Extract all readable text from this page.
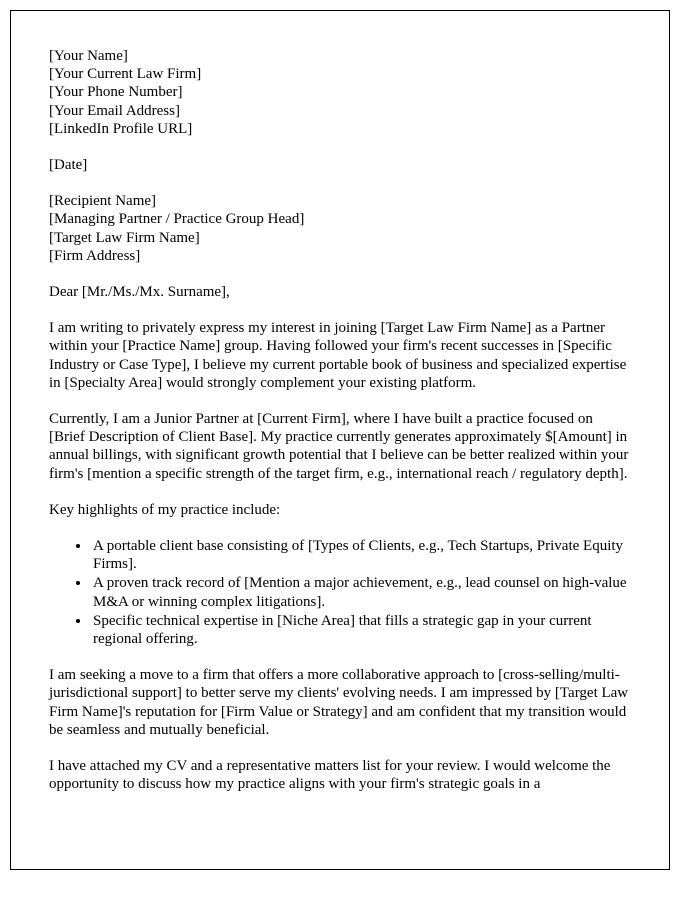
[Your Name]
[Your Current Law Firm]
[Your Phone Number]
[Your Email Address]
[LinkedIn Profile URL]
[Date]
[Recipient Name]
[Managing Partner / Practice Group Head]
[Target Law Firm Name]
[Firm Address]

Dear [Mr./Ms./Mx. Surname],

I am writing to privately express my interest in joining [Target Law Firm Name] as a Partner within your [Practice Name] group. Having followed your firm's recent successes in [Specific Industry or Case Type], I believe my current portable book of business and specialized expertise in [Specialty Area] would strongly complement your existing platform.

Currently, I am a Junior Partner at [Current Firm], where I have built a practice focused on [Brief Description of Client Base]. My practice currently generates approximately $[Amount] in annual billings, with significant growth potential that I believe can be better realized within your firm's [mention a specific strength of the target firm, e.g., international reach / regulatory depth].

Key highlights of my practice include:

• A portable client base consisting of [Types of Clients, e.g., Tech Startups, Private Equity Firms].
• A proven track record of [Mention a major achievement, e.g., lead counsel on high-value M&A or winning complex litigations].
• Specific technical expertise in [Niche Area] that fills a strategic gap in your current regional offering.

I am seeking a move to a firm that offers a more collaborative approach to [cross-selling/multi-jurisdictional support] to better serve my clients' evolving needs. I am impressed by [Target Law Firm Name]'s reputation for [Firm Value or Strategy] and am confident that my transition would be seamless and mutually beneficial.

I have attached my CV and a representative matters list for your review. I would welcome the opportunity to discuss how my practice aligns with your firm's strategic goals in a
